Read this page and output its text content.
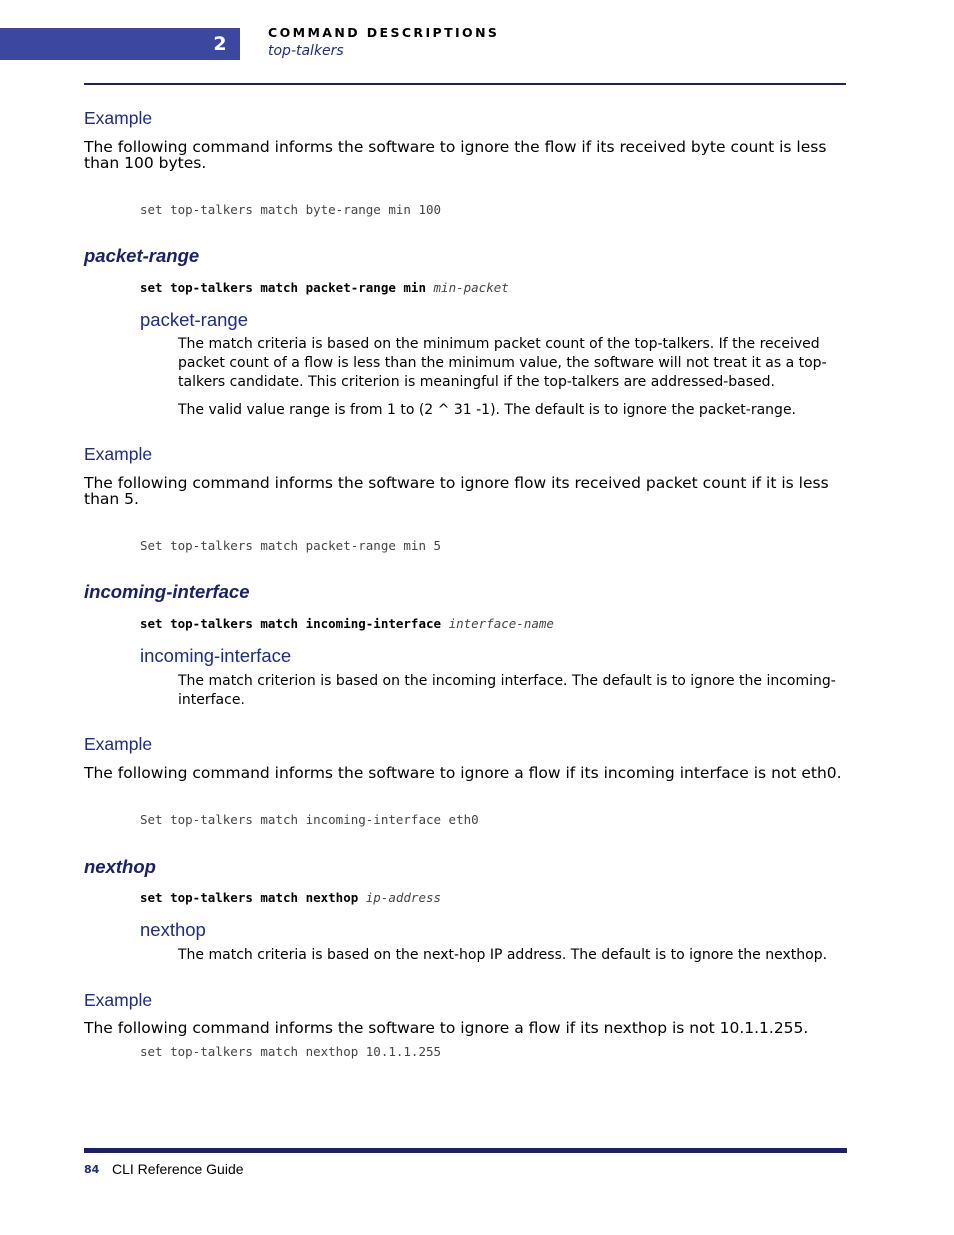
2
COMMAND DESCRIPTIONS
top-talkers
Example
The following command informs the software to ignore the flow if its received byte count is less than 100 bytes.
set top-talkers match byte-range min 100
packet-range
set top-talkers match packet-range min min-packet
packet-range
The match criteria is based on the minimum packet count of the top-talkers. If the received packet count of a flow is less than the minimum value, the software will not treat it as a top-talkers candidate. This criterion is meaningful if the top-talkers are addressed-based.
The valid value range is from 1 to (2 ^ 31 -1). The default is to ignore the packet-range.
Example
The following command informs the software to ignore flow its received packet count if it is less than 5.
Set top-talkers match packet-range min 5
incoming-interface
set top-talkers match incoming-interface interface-name
incoming-interface
The match criterion is based on the incoming interface. The default is to ignore the incoming-interface.
Example
The following command informs the software to ignore a flow if its incoming interface is not eth0.
Set top-talkers match incoming-interface eth0
nexthop
set top-talkers match nexthop ip-address
nexthop
The match criteria is based on the next-hop IP address. The default is to ignore the nexthop.
Example
The following command informs the software to ignore a flow if its nexthop is not 10.1.1.255.
set top-talkers match nexthop 10.1.1.255
84 CLI Reference Guide
